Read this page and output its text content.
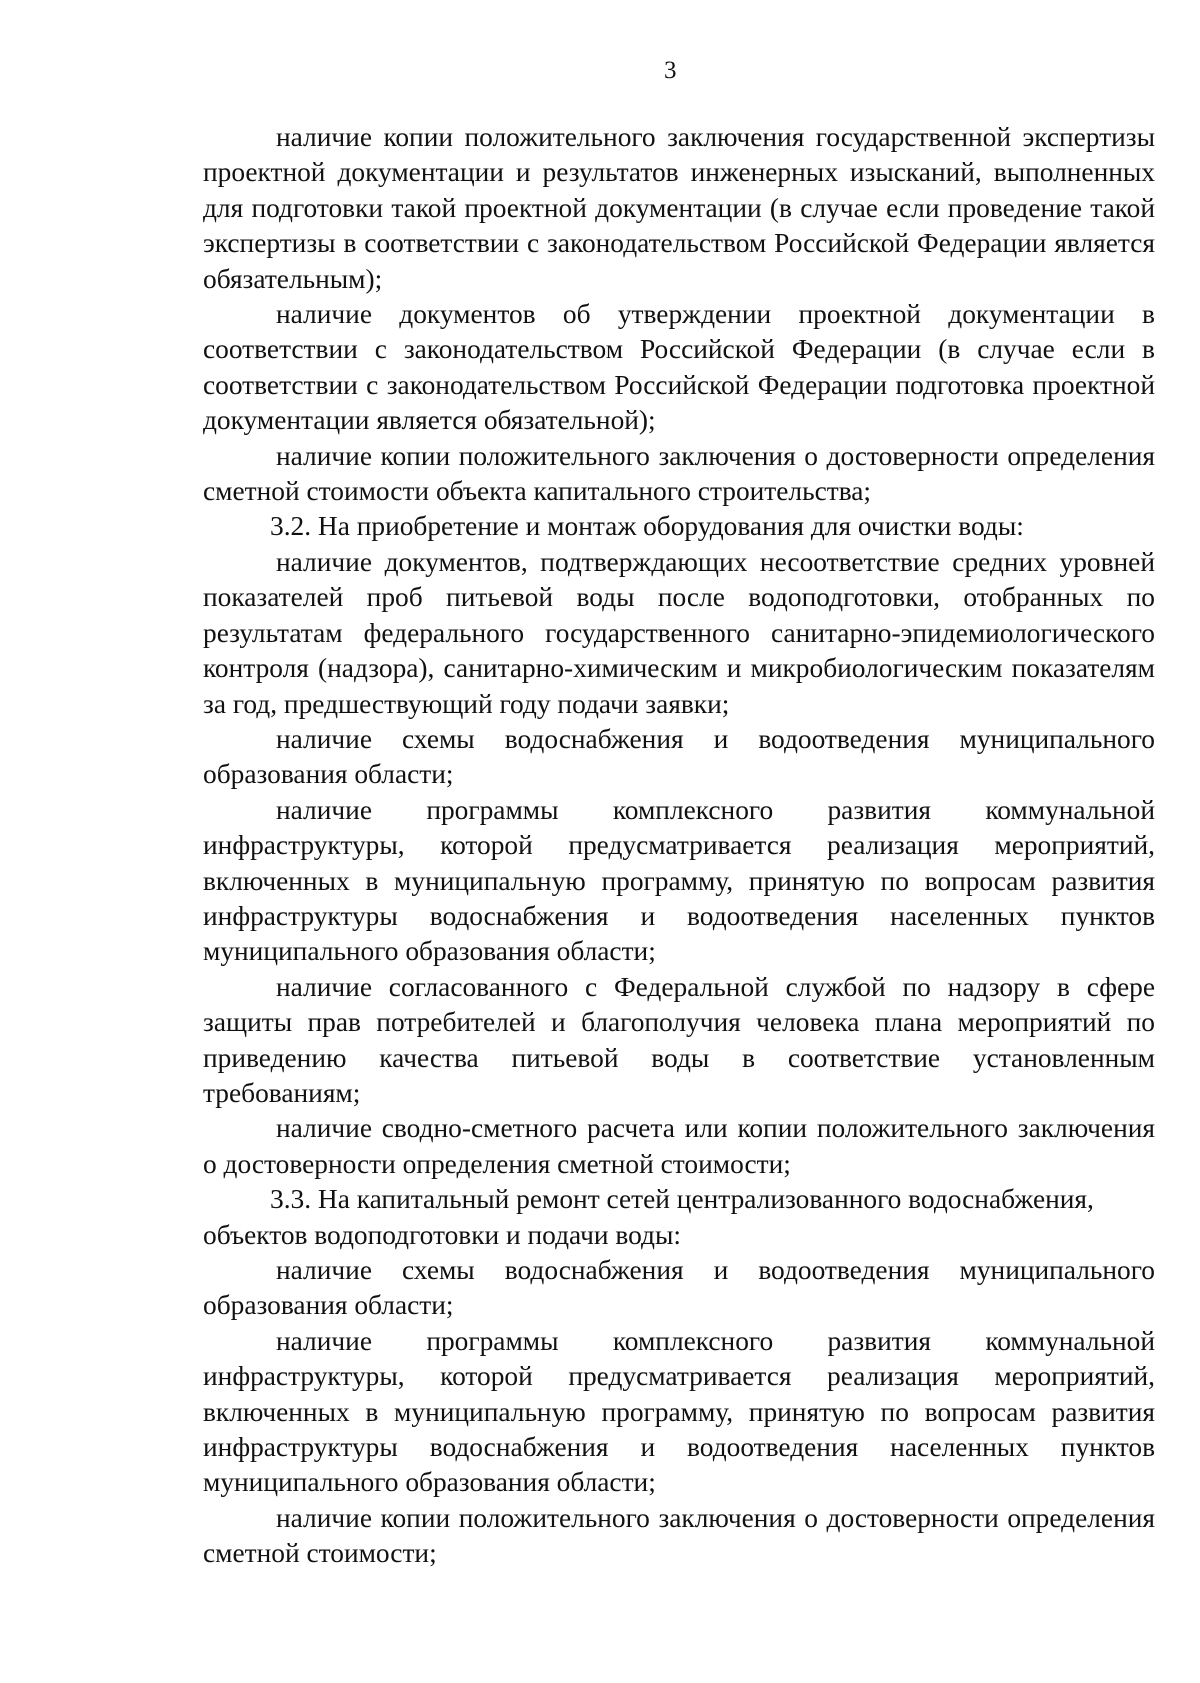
3

наличие копии положительного заключения государственной экспертизы проектной документации и результатов инженерных изысканий, выполненных для подготовки такой проектной документации (в случае если проведение такой экспертизы в соответствии с законодательством Российской Федерации является обязательным);

наличие документов об утверждении проектной документации в соответствии с законодательством Российской Федерации (в случае если в соответствии с законодательством Российской Федерации подготовка проектной документации является обязательной);

наличие копии положительного заключения о достоверности определения сметной стоимости объекта капитального строительства;

3.2. На приобретение и монтаж оборудования для очистки воды:

наличие документов, подтверждающих несоответствие средних уровней показателей проб питьевой воды после водоподготовки, отобранных по результатам федерального государственного санитарно-эпидемиологического контроля (надзора), санитарно-химическим и микробиологическим показателям за год, предшествующий году подачи заявки;

наличие схемы водоснабжения и водоотведения муниципального образования области;

наличие программы комплексного развития коммунальной инфраструктуры, которой предусматривается реализация мероприятий, включенных в муниципальную программу, принятую по вопросам развития инфраструктуры водоснабжения и водоотведения населенных пунктов муниципального образования области;

наличие согласованного с Федеральной службой по надзору в сфере защиты прав потребителей и благополучия человека плана мероприятий по приведению качества питьевой воды в соответствие установленным требованиям;

наличие сводно-сметного расчета или копии положительного заключения о достоверности определения сметной стоимости;

3.3. На капитальный ремонт сетей централизованного водоснабжения, объектов водоподготовки и подачи воды:

наличие схемы водоснабжения и водоотведения муниципального образования области;

наличие программы комплексного развития коммунальной инфраструктуры, которой предусматривается реализация мероприятий, включенных в муниципальную программу, принятую по вопросам развития инфраструктуры водоснабжения и водоотведения населенных пунктов муниципального образования области;

наличие копии положительного заключения о достоверности определения сметной стоимости;
